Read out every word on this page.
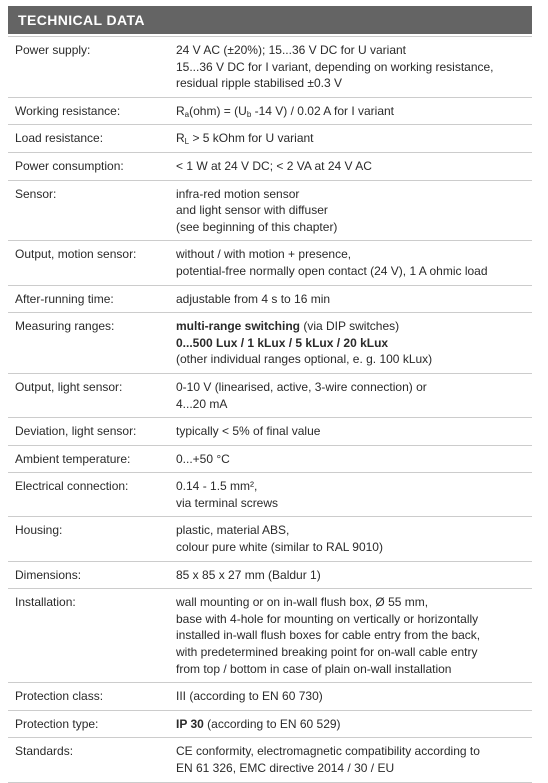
TECHNICAL DATA
Power supply:	24 V AC (±20%); 15...36 V DC for U variant
15...36 V DC for I variant, depending on working resistance,
residual ripple stabilised ±0.3 V
Working resistance:	$R_a(ohm) = (U_b$ -14 V) / 0.02 A for I variant
Load resistance:	$R_L > 5$ kOhm for U variant
Power consumption:	< 1 W at 24 V DC; < 2 VA at 24 V AC
Sensor:	infra-red motion sensor
and light sensor with diffuser
(see beginning of this chapter)
Output, motion sensor:	without / with motion + presence,
potential-free normally open contact (24 V), 1 A ohmic load
After-running time:	adjustable from 4 s to 16 min
Measuring ranges:	multi-range switching (via DIP switches)
0...500 Lux / 1 kLux / 5 kLux / 20 kLux
(other individual ranges optional, e. g. 100 kLux)
Output, light sensor:	0-10 V (linearised, active, 3-wire connection) or
4...20 mA
Deviation, light sensor:	typically < 5% of final value
Ambient temperature:	0...+50 °C
Electrical connection:	0.14 - 1.5 mm²,
via terminal screws
Housing:	plastic, material ABS,
colour pure white (similar to RAL 9010)
Dimensions:	85 x 85 x 27 mm (Baldur 1)
Installation:	wall mounting or on in-wall flush box, Ø 55 mm,
base with 4-hole for mounting on vertically or horizontally
installed in-wall flush boxes for cable entry from the back,
with predetermined breaking point for on-wall cable entry
from top / bottom in case of plain on-wall installation
Protection class:	III (according to EN 60 730)
Protection type:	IP 30 (according to EN 60 529)
Standards:	CE conformity, electromagnetic compatibility according to
EN 61 326, EMC directive 2014 / 30 / EU
